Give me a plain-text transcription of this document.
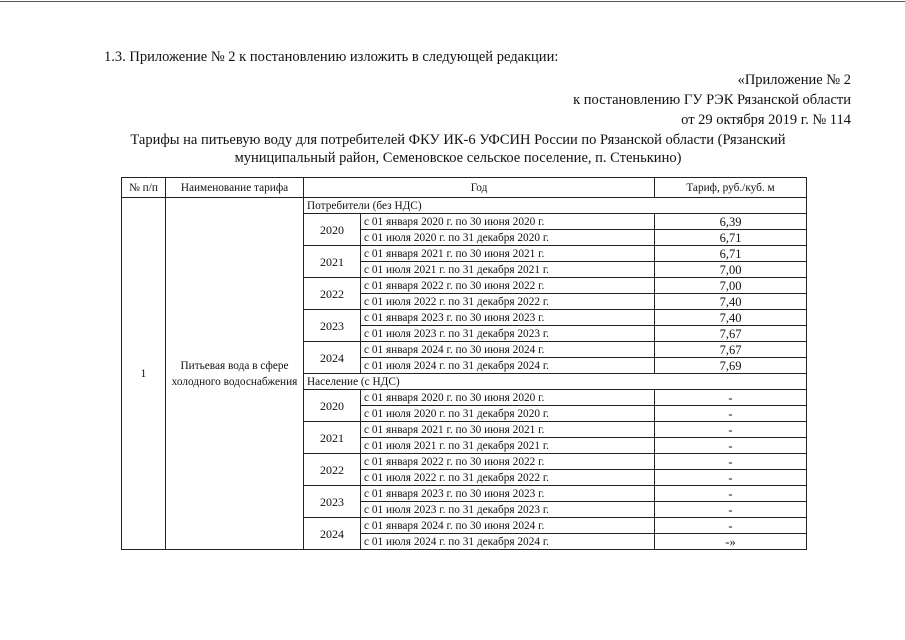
1.3. Приложение № 2 к постановлению изложить в следующей редакции:
«Приложение № 2
к постановлению ГУ РЭК Рязанской области
от 29 октября 2019 г. № 114
Тарифы на питьевую воду для потребителей ФКУ ИК-6 УФСИН России по Рязанской области (Рязанский муниципальный район, Семеновское сельское поселение, п. Стенькино)
№ п/п	Наименование тарифа	Год		Тариф, руб./куб. м
1	Питьевая вода в сфере холодного водоснабжения	Потребители (без НДС)		
		2020	с 01 января 2020 г. по 30 июня 2020 г.	6,39
			с 01 июля 2020 г. по 31 декабря 2020 г.	6,71
		2021	с 01 января 2021 г. по 30 июня 2021 г.	6,71
			с 01 июля 2021 г. по 31 декабря 2021 г.	7,00
		2022	с 01 января 2022 г. по 30 июня 2022 г.	7,00
			с 01 июля 2022 г. по 31 декабря 2022 г.	7,40
		2023	с 01 января 2023 г. по 30 июня 2023 г.	7,40
			с 01 июля 2023 г. по 31 декабря 2023 г.	7,67
		2024	с 01 января 2024 г. по 30 июня 2024 г.	7,67
			с 01 июля 2024 г. по 31 декабря 2024 г.	7,69
		Население (с НДС)		
		2020	с 01 января 2020 г. по 30 июня 2020 г.	-
			с 01 июля 2020 г. по 31 декабря 2020 г.	-
		2021	с 01 января 2021 г. по 30 июня 2021 г.	-
			с 01 июля 2021 г. по 31 декабря 2021 г.	-
		2022	с 01 января 2022 г. по 30 июня 2022 г.	-
			с 01 июля 2022 г. по 31 декабря 2022 г.	-
		2023	с 01 января 2023 г. по 30 июня 2023 г.	-
			с 01 июля 2023 г. по 31 декабря 2023 г.	-
		2024	с 01 января 2024 г. по 30 июня 2024 г.	-
			с 01 июля 2024 г. по 31 декабря 2024 г.	-»
